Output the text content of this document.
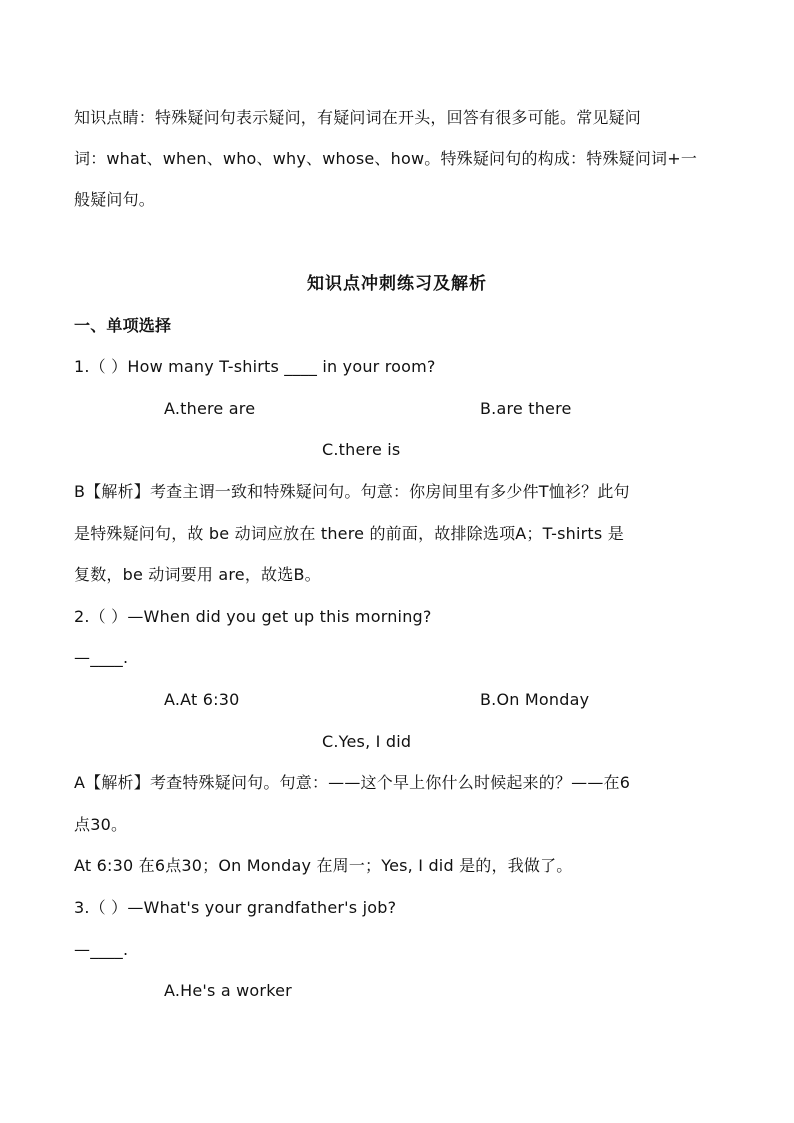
知识点睛：特殊疑问句表示疑问，有疑问词在开头，回答有很多可能。常见疑问
词：what、when、who、why、whose、how。特殊疑问句的构成：特殊疑问词+一
般疑问句。
知识点冲刺练习及解析
一、单项选择
1.（ ）How many T-shirts ____ in your room?
A.there are	B.are there
C.there is
B【解析】考查主谓一致和特殊疑问句。句意：你房间里有多少件T恤衫？此句
是特殊疑问句，故 be 动词应放在 there 的前面，故排除选项A；T-shirts 是
复数，be 动词要用 are，故选B。
2.（ ）—When did you get up this morning?
—____.
A.At 6:30	B.On Monday
C.Yes, I did
A【解析】考查特殊疑问句。句意：——这个早上你什么时候起来的？——在6
点30。
At 6:30 在6点30；On Monday 在周一；Yes, I did 是的，我做了。
3.（ ）—What's your grandfather's job?
—____.
A.He's a worker
